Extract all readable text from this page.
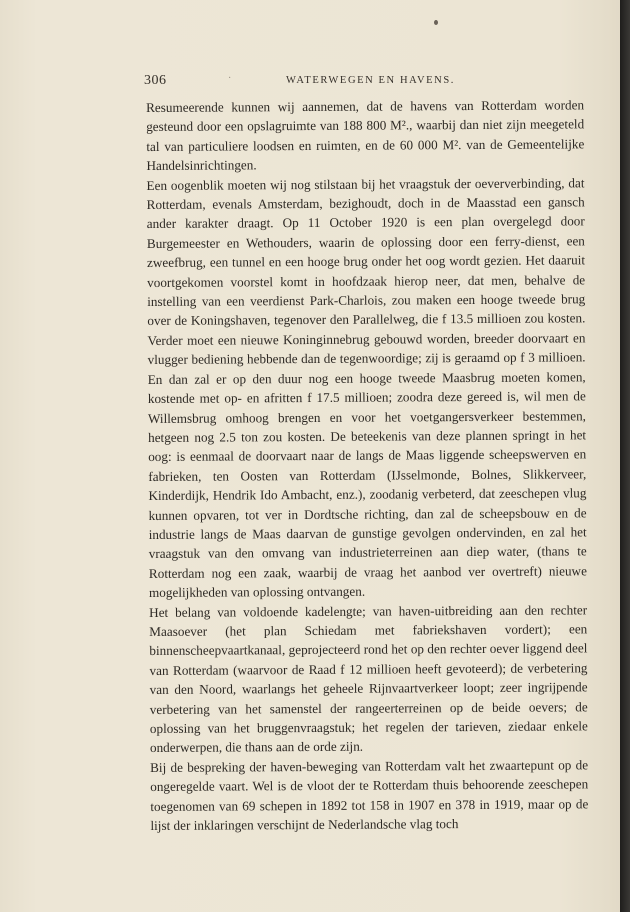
306	·	WATERWEGEN EN HAVENS.

Resumeerende kunnen wij aannemen, dat de havens van Rotterdam worden gesteund door een opslagruimte van 188 800 M²., waarbij dan niet zijn meegeteld tal van particuliere loodsen en ruimten, en de 60 000 M². van de Gemeentelijke Handelsinrichtingen.

Een oogenblik moeten wij nog stilstaan bij het vraagstuk der oeververbinding, dat Rotterdam, evenals Amsterdam, bezighoudt, doch in de Maasstad een gansch ander karakter draagt. Op 11 October 1920 is een plan overgelegd door Burgemeester en Wethouders, waarin de oplossing door een ferry-dienst, een zweefbrug, een tunnel en een hooge brug onder het oog wordt gezien. Het daaruit voortgekomen voorstel komt in hoofdzaak hierop neer, dat men, behalve de instelling van een veerdienst Park-Charlois, zou maken een hooge tweede brug over de Koningshaven, tegenover den Parallelweg, die f 13.5 millioen zou kosten. Verder moet een nieuwe Koninginnebrug gebouwd worden, breeder doorvaart en vlugger bediening hebbende dan de tegenwoordige; zij is geraamd op f 3 millioen. En dan zal er op den duur nog een hooge tweede Maasbrug moeten komen, kostende met op- en afritten f 17.5 millioen; zoodra deze gereed is, wil men de Willemsbrug omhoog brengen en voor het voetgangersverkeer bestemmen, hetgeen nog 2.5 ton zou kosten. De beteekenis van deze plannen springt in het oog: is eenmaal de doorvaart naar de langs de Maas liggende scheepswerven en fabrieken, ten Oosten van Rotterdam (IJsselmonde, Bolnes, Slikkerveer, Kinderdijk, Hendrik Ido Ambacht, enz.), zoodanig verbeterd, dat zeeschepen vlug kunnen opvaren, tot ver in Dordtsche richting, dan zal de scheepsbouw en de industrie langs de Maas daarvan de gunstige gevolgen ondervinden, en zal het vraagstuk van den omvang van industrieterreinen aan diep water, (thans te Rotterdam nog een zaak, waarbij de vraag het aanbod ver overtreft) nieuwe mogelijkheden van oplossing ontvangen.

Het belang van voldoende kadelengte; van haven-uitbreiding aan den rechter Maasoever (het plan Schiedam met fabriekshaven vordert); een binnenscheepvaartkanaal, geprojecteerd rond het op den rechter oever liggend deel van Rotterdam (waarvoor de Raad f 12 millioen heeft gevoteerd); de verbetering van den Noord, waarlangs het geheele Rijnvaartverkeer loopt; zeer ingrijpende verbetering van het samenstel der rangeerterreinen op de beide oevers; de oplossing van het bruggenvraagstuk; het regelen der tarieven, ziedaar enkele onderwerpen, die thans aan de orde zijn.

Bij de bespreking der haven-beweging van Rotterdam valt het zwaartepunt op de ongeregelde vaart. Wel is de vloot der te Rotterdam thuis behoorende zeeschepen toegenomen van 69 schepen in 1892 tot 158 in 1907 en 378 in 1919, maar op de lijst der inklaringen verschijnt de Nederlandsche vlag toch
